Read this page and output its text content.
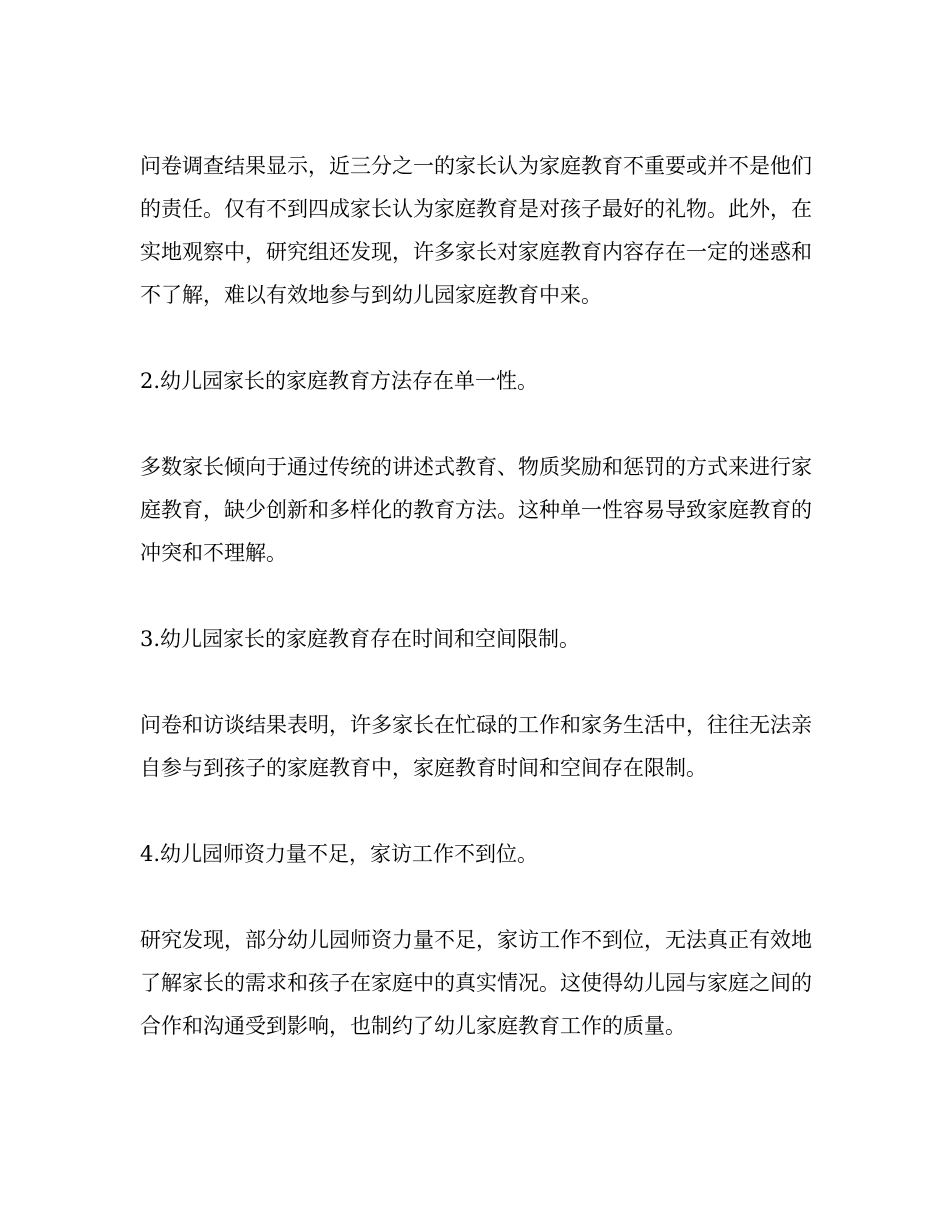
问卷调查结果显示，近三分之一的家长认为家庭教育不重要或并不是他们的责任。仅有不到四成家长认为家庭教育是对孩子最好的礼物。此外，在实地观察中，研究组还发现，许多家长对家庭教育内容存在一定的迷惑和不了解，难以有效地参与到幼儿园家庭教育中来。

2.幼儿园家长的家庭教育方法存在单一性。

多数家长倾向于通过传统的讲述式教育、物质奖励和惩罚的方式来进行家庭教育，缺少创新和多样化的教育方法。这种单一性容易导致家庭教育的冲突和不理解。

3.幼儿园家长的家庭教育存在时间和空间限制。

问卷和访谈结果表明，许多家长在忙碌的工作和家务生活中，往往无法亲自参与到孩子的家庭教育中，家庭教育时间和空间存在限制。

4.幼儿园师资力量不足，家访工作不到位。

研究发现，部分幼儿园师资力量不足，家访工作不到位，无法真正有效地了解家长的需求和孩子在家庭中的真实情况。这使得幼儿园与家庭之间的合作和沟通受到影响，也制约了幼儿家庭教育工作的质量。
